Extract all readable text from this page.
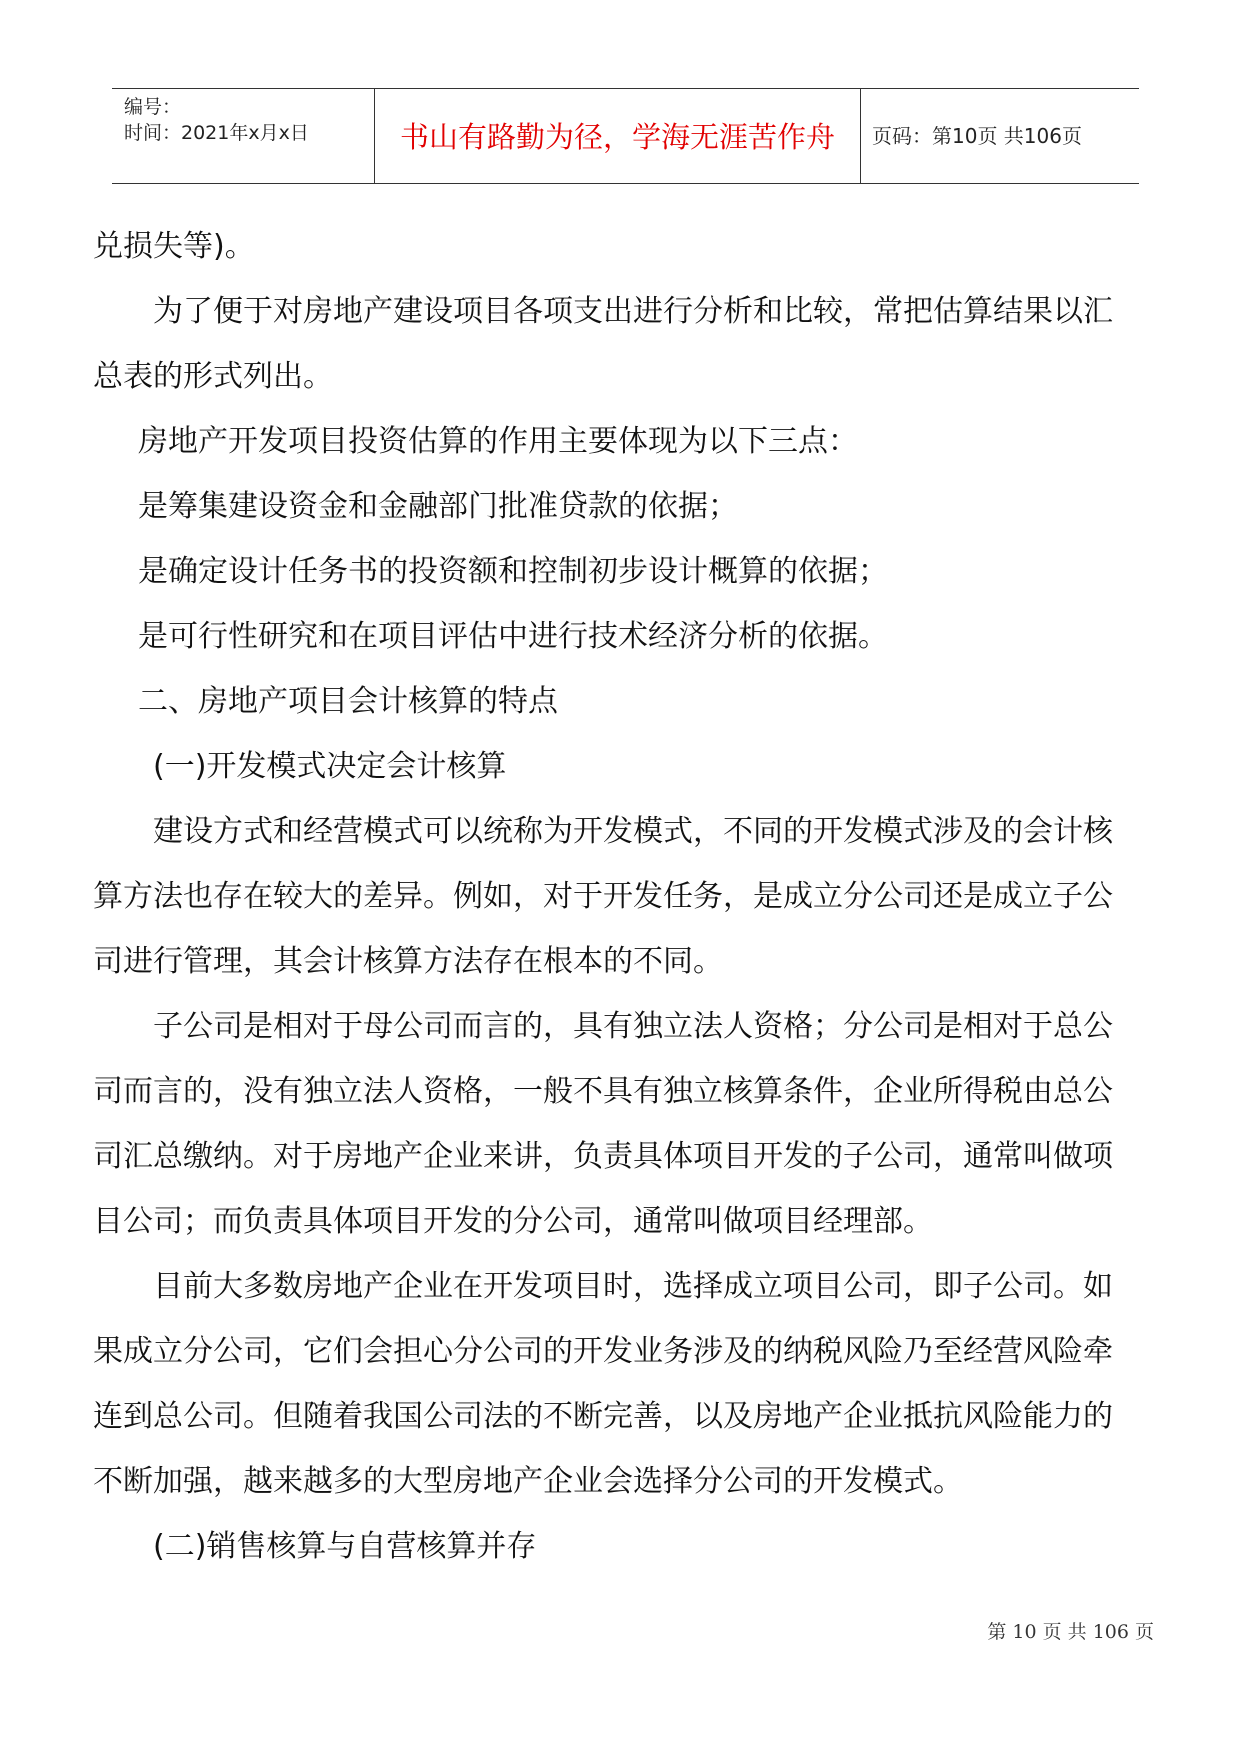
编号：
时间：2021年x月x日	书山有路勤为径，学海无涯苦作舟	页码：第10页 共106页

兑损失等)。

为了便于对房地产建设项目各项支出进行分析和比较，常把估算结果以汇

总表的形式列出。

房地产开发项目投资估算的作用主要体现为以下三点：

是筹集建设资金和金融部门批准贷款的依据；

是确定设计任务书的投资额和控制初步设计概算的依据；

是可行性研究和在项目评估中进行技术经济分析的依据。

二、房地产项目会计核算的特点

(一)开发模式决定会计核算

建设方式和经营模式可以统称为开发模式，不同的开发模式涉及的会计核

算方法也存在较大的差异。例如，对于开发任务，是成立分公司还是成立子公

司进行管理，其会计核算方法存在根本的不同。

子公司是相对于母公司而言的，具有独立法人资格；分公司是相对于总公

司而言的，没有独立法人资格，一般不具有独立核算条件，企业所得税由总公

司汇总缴纳。对于房地产企业来讲，负责具体项目开发的子公司，通常叫做项

目公司；而负责具体项目开发的分公司，通常叫做项目经理部。

目前大多数房地产企业在开发项目时，选择成立项目公司，即子公司。如

果成立分公司，它们会担心分公司的开发业务涉及的纳税风险乃至经营风险牵

连到总公司。但随着我国公司法的不断完善，以及房地产企业抵抗风险能力的

不断加强，越来越多的大型房地产企业会选择分公司的开发模式。

(二)销售核算与自营核算并存

第 10 页 共 106 页
